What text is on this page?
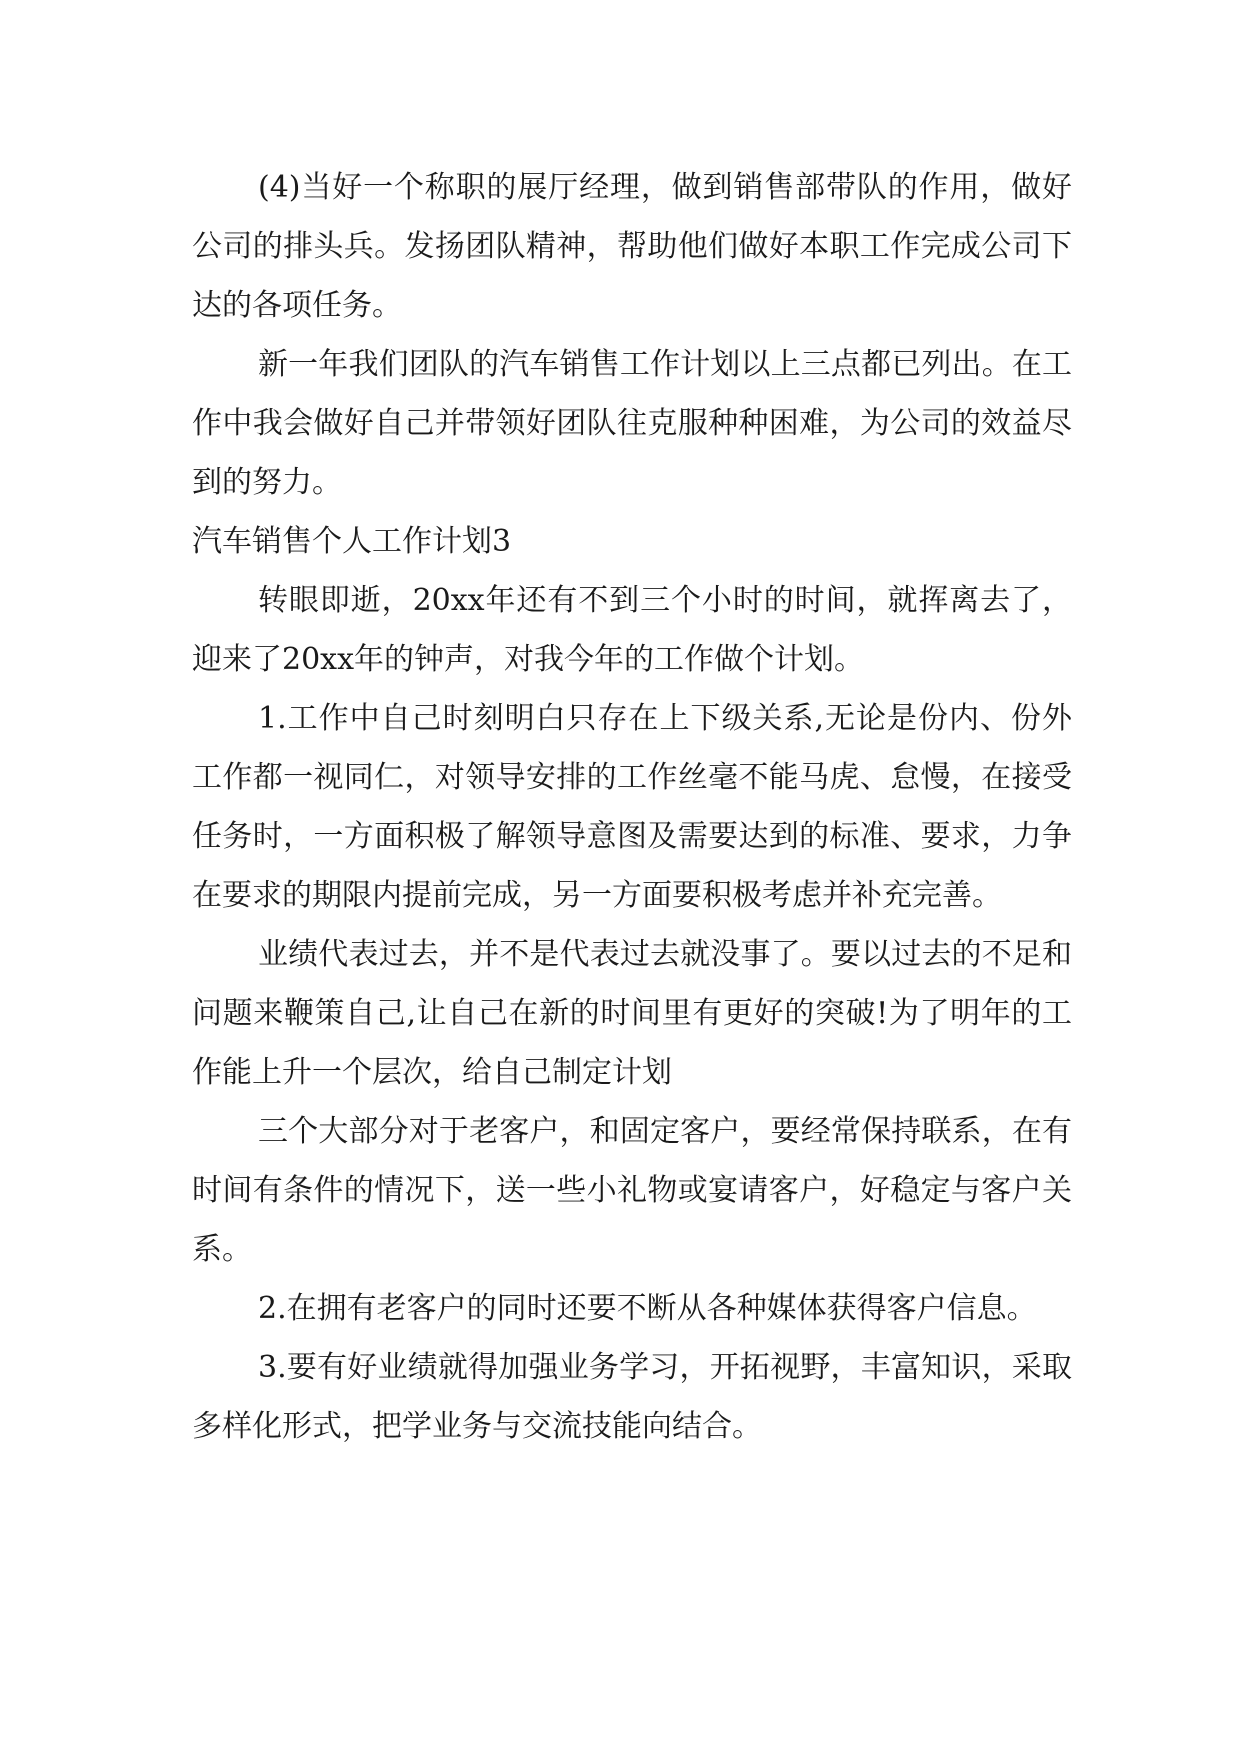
(4)当好一个称职的展厅经理，做到销售部带队的作用，做好公司的排头兵。发扬团队精神，帮助他们做好本职工作完成公司下达的各项任务。

新一年我们团队的汽车销售工作计划以上三点都已列出。在工作中我会做好自己并带领好团队往克服种种困难，为公司的效益尽到的努力。

汽车销售个人工作计划3

转眼即逝，20xx年还有不到三个小时的时间，就挥离去了，迎来了20xx年的钟声，对我今年的工作做个计划。

1.工作中自己时刻明白只存在上下级关系,无论是份内、份外工作都一视同仁，对领导安排的工作丝毫不能马虎、怠慢，在接受任务时，一方面积极了解领导意图及需要达到的标准、要求，力争在要求的期限内提前完成，另一方面要积极考虑并补充完善。

业绩代表过去，并不是代表过去就没事了。要以过去的不足和问题来鞭策自己,让自己在新的时间里有更好的突破!为了明年的工作能上升一个层次，给自己制定计划

三个大部分对于老客户，和固定客户，要经常保持联系，在有时间有条件的情况下，送一些小礼物或宴请客户，好稳定与客户关系。

2.在拥有老客户的同时还要不断从各种媒体获得客户信息。

3.要有好业绩就得加强业务学习，开拓视野，丰富知识，采取多样化形式，把学业务与交流技能向结合。
